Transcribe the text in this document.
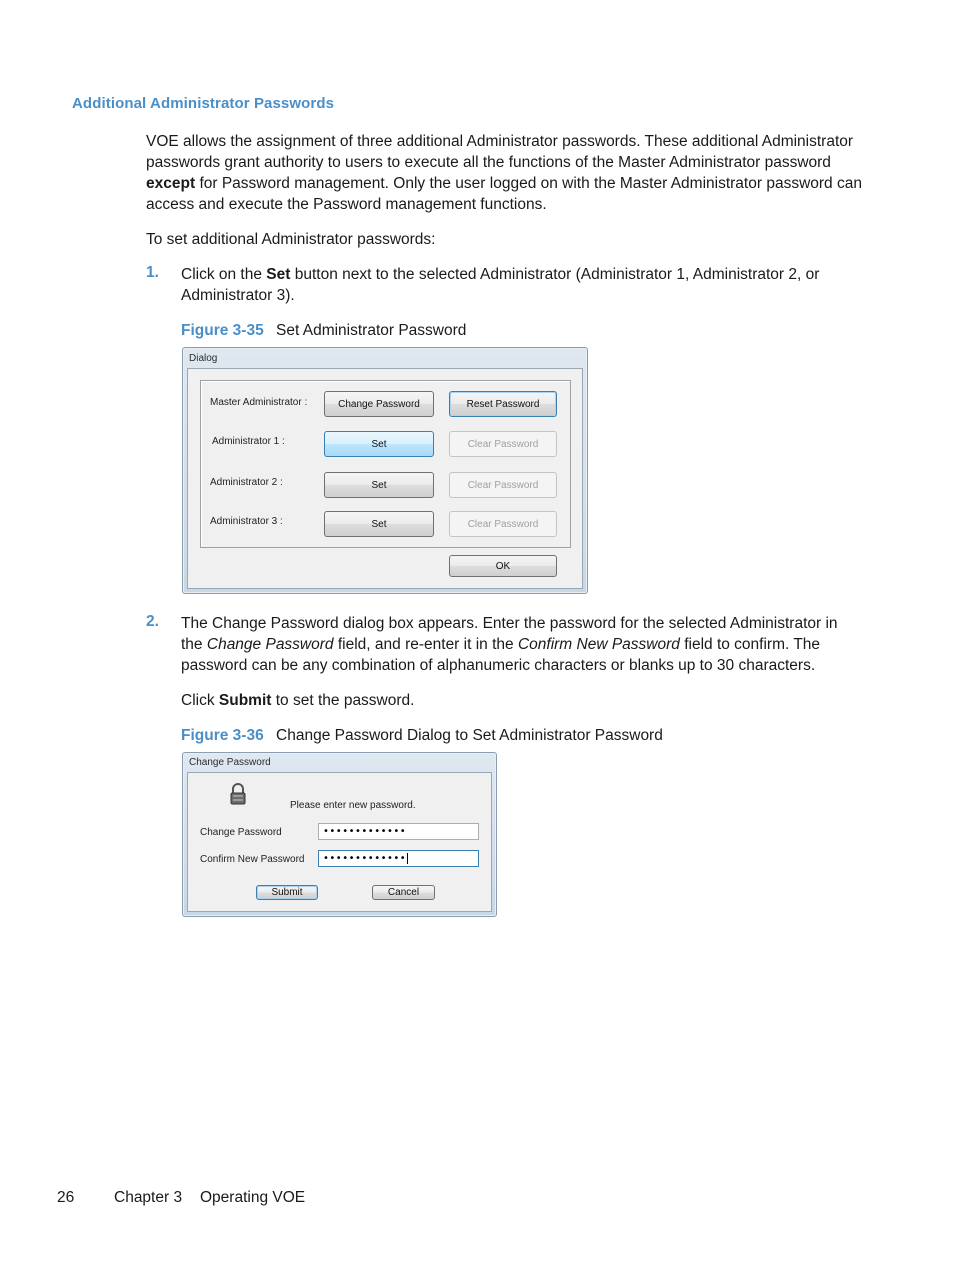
Additional Administrator Passwords
VOE allows the assignment of three additional Administrator passwords. These additional Administrator passwords grant authority to users to execute all the functions of the Master Administrator password except for Password management. Only the user logged on with the Master Administrator password can access and execute the Password management functions.
To set additional Administrator passwords:
1. Click on the Set button next to the selected Administrator (Administrator 1, Administrator 2, or Administrator 3).
Figure 3-35 Set Administrator Password
Dialog
Master Administrator :	Change Password	Reset Password
Administrator 1 :	Set	Clear Password
Administrator 2 :	Set	Clear Password
Administrator 3 :	Set	Clear Password
OK
2. The Change Password dialog box appears. Enter the password for the selected Administrator in the Change Password field, and re-enter it in the Confirm New Password field to confirm. The password can be any combination of alphanumeric characters or blanks up to 30 characters.
Click Submit to set the password.
Figure 3-36 Change Password Dialog to Set Administrator Password
Change Password
Please enter new password.
Change Password	•••••••••••••
Confirm New Password •••••••••••••
Submit	Cancel
26	Chapter 3 Operating VOE
